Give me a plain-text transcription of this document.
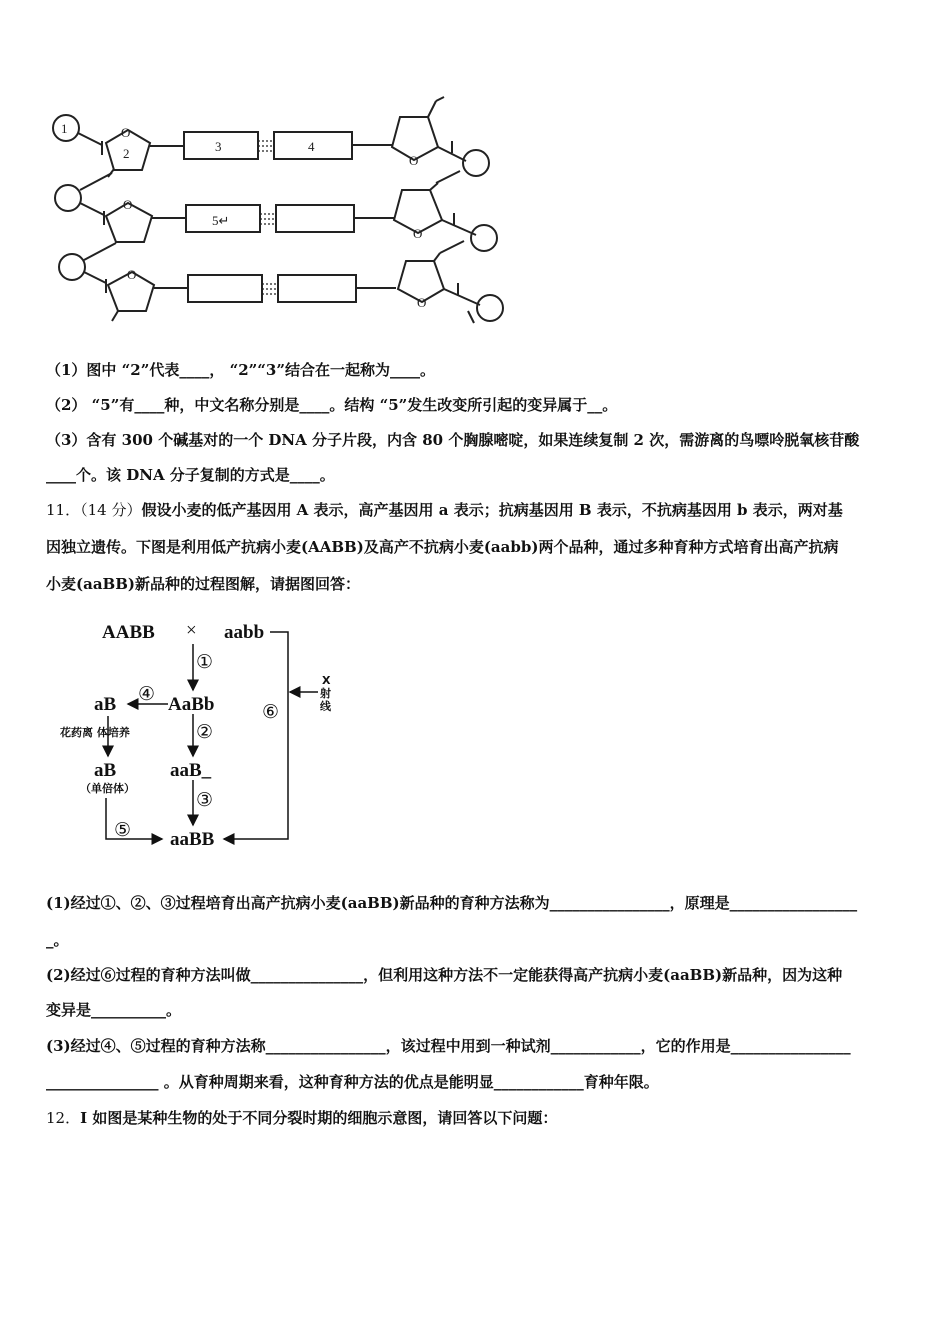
O
O
O
O
O
O
1
2	3	4
5↵
（1）图中 “2”代表____， “2”“3”结合在一起称为____。
（2） “5”有____种，中文名称分别是____。结构 “5”发生改变所引起的变异属于__。
（3）含有 300 个碱基对的一个 DNA 分子片段，内含 80 个胸腺嘧啶，如果连续复制 2 次，需游离的鸟嘌呤脱氧核苷酸
____个。该 DNA 分子复制的方式是____。
11．（14 分）假设小麦的低产基因用 A 表示，高产基因用 a 表示；抗病基因用 B 表示，不抗病基因用 b 表示，两对基
因独立遗传。下图是利用低产抗病小麦(AABB)及高产不抗病小麦(aabb)两个品种，通过多种育种方式培育出高产抗病
小麦(aaBB)新品种的过程图解，请据图回答：
AABB × aabb
AaBb
aB
花药离 体培养
aB
（单倍体）
aaB_
aaBB
①
②
③
④
⑤
⑥
X
射
线
(1)经过①、②、③过程培育出高产抗病小麦(aaBB)新品种的育种方法称为________________，原理是_________________
_。
(2)经过⑥过程的育种方法叫做_______________，但利用这种方法不一定能获得高产抗病小麦(aaBB)新品种，因为这种
变异是__________。
(3)经过④、⑤过程的育种方法称________________，该过程中用到一种试剂____________，它的作用是________________
_______________ 。从育种周期来看，这种育种方法的优点是能明显____________育种年限。
12．I 如图是某种生物的处于不同分裂时期的细胞示意图，请回答以下问题：
